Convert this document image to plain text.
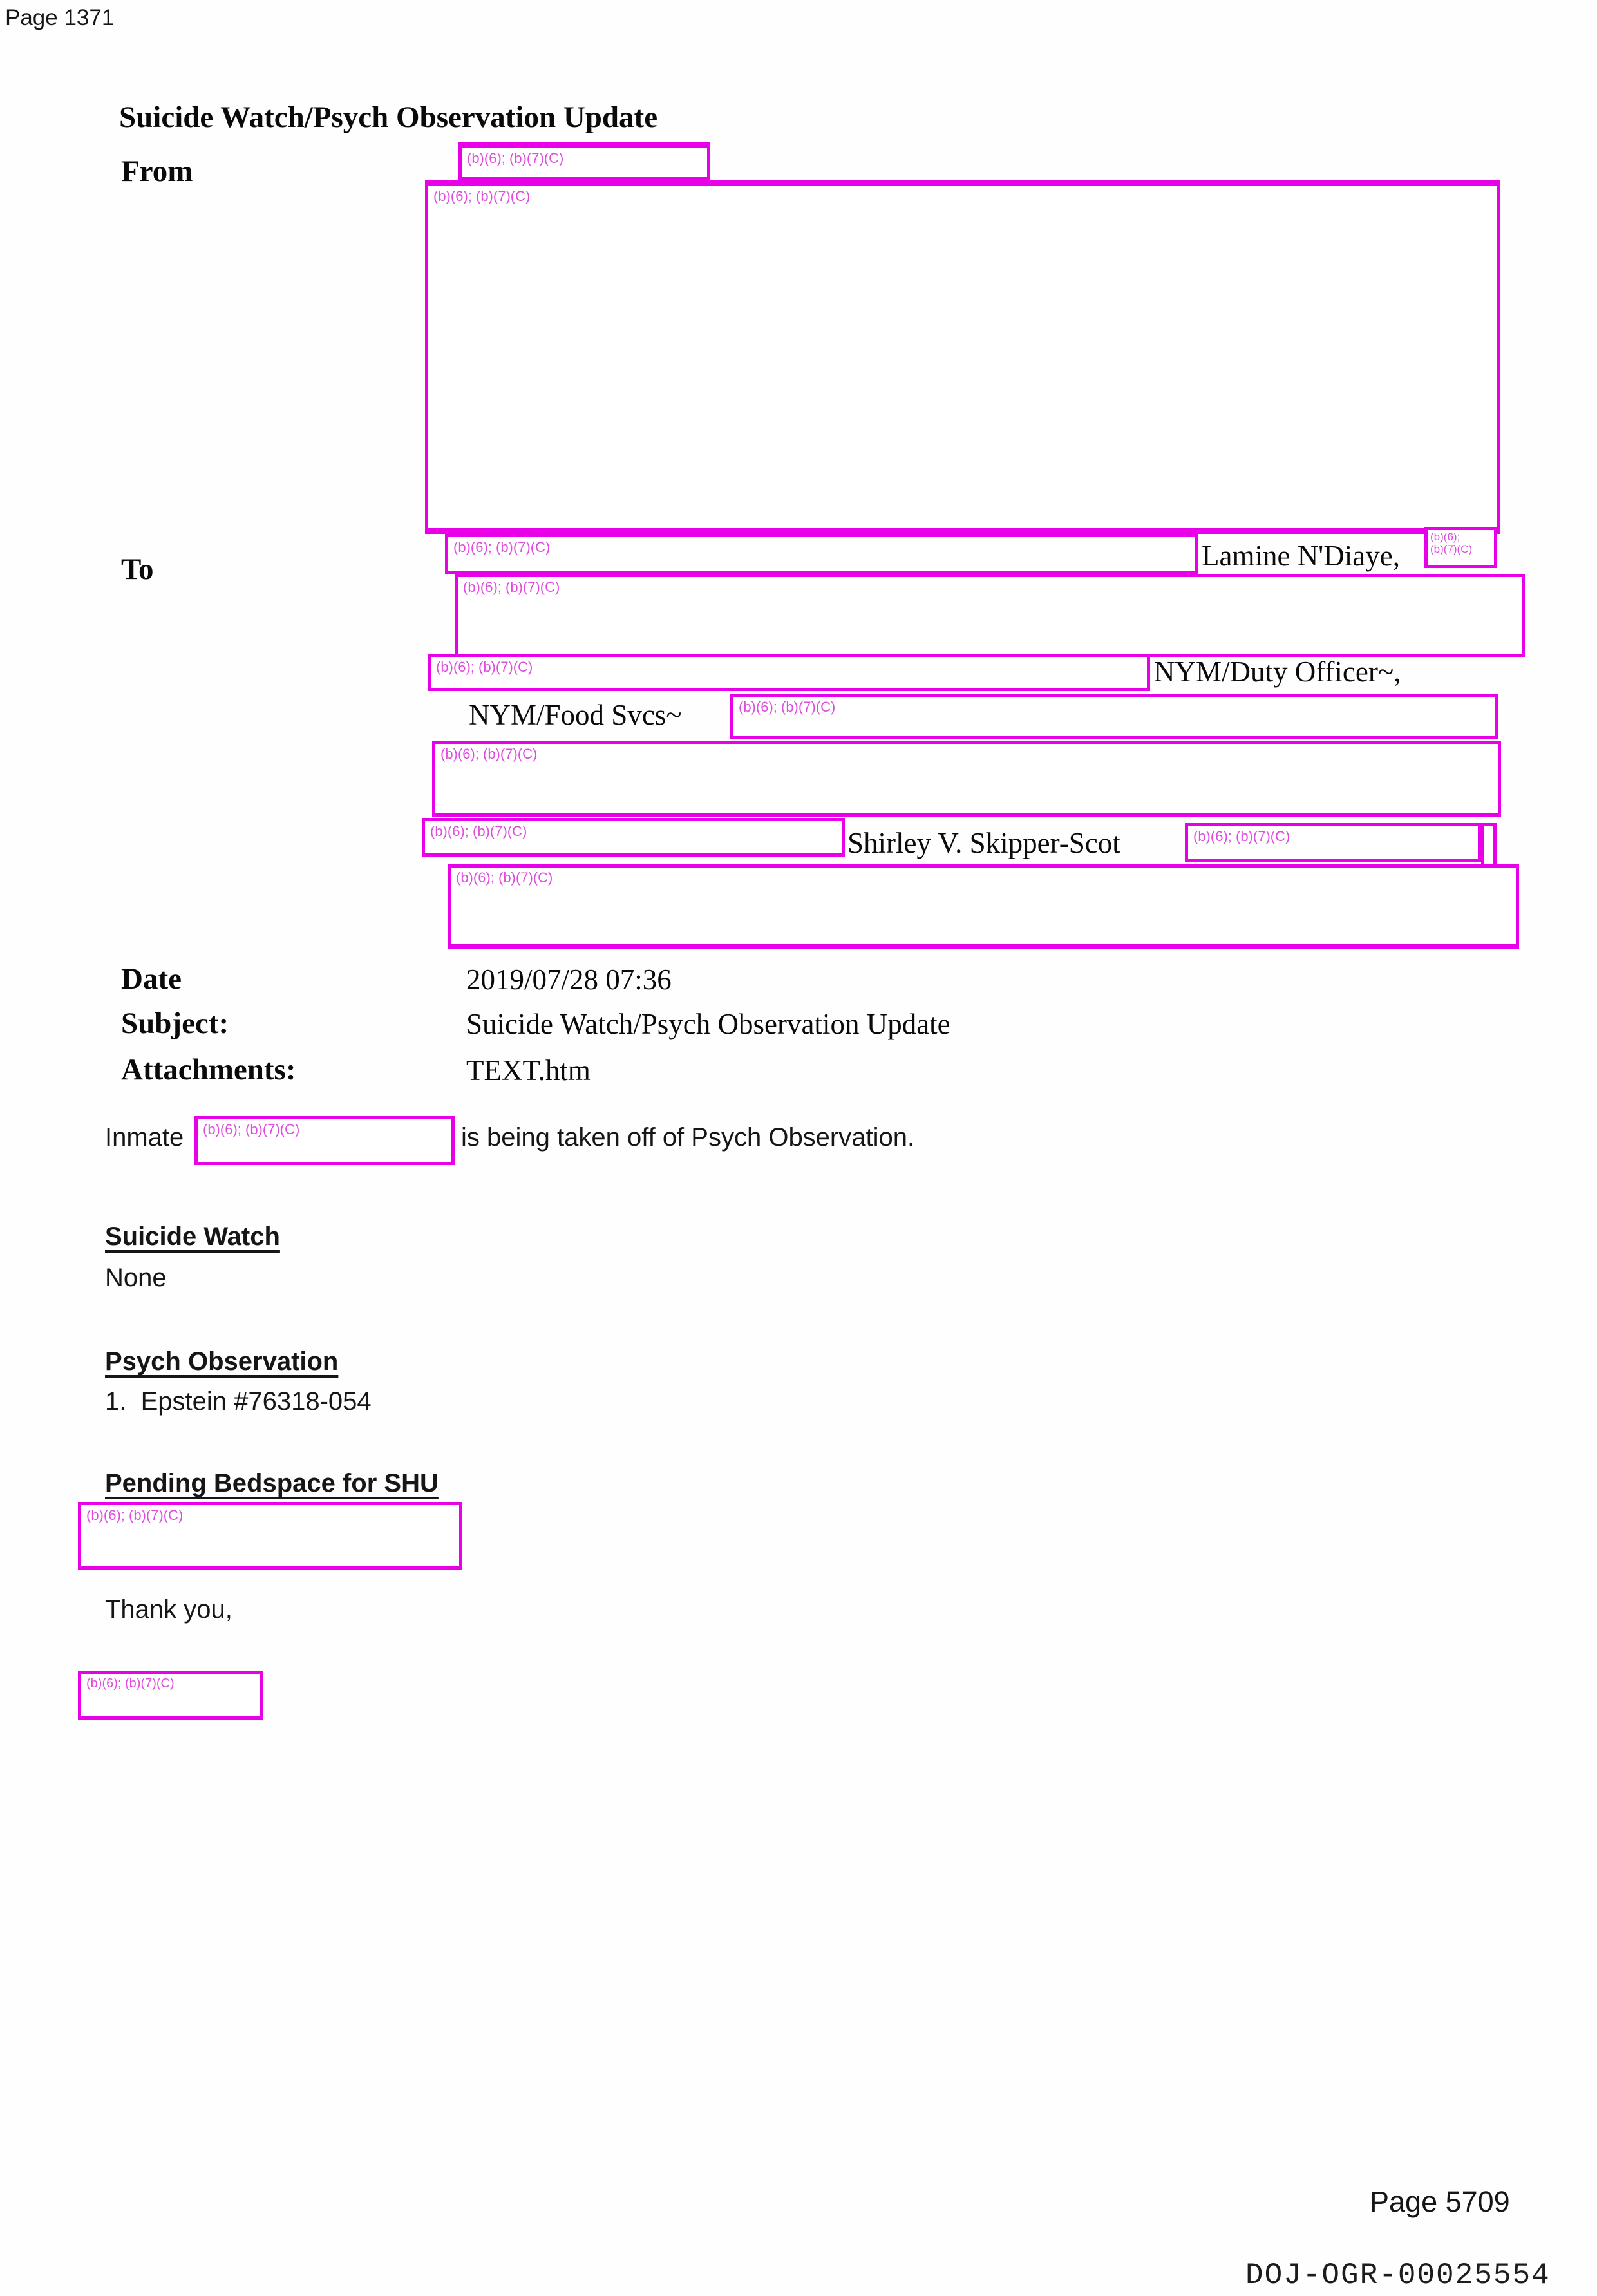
Page 1371
Suicide Watch/Psych Observation Update
From	(b)(6); (b)(7)(C)
(b)(6); (b)(7)(C)
To
(b)(6); (b)(7)(C)	Lamine N'Diaye,
(b)(6);
(b)(7)(C)
(b)(6); (b)(7)(C)
(b)(6); (b)(7)(C)	NYM/Duty Officer~,
NYM/Food Svcs~	(b)(6); (b)(7)(C)
(b)(6); (b)(7)(C)
(b)(6); (b)(7)(C)	Shirley V. Skipper-Scot	(b)(6); (b)(7)(C)
(b)(6); (b)(7)(C)
Date	2019/07/28 07:36
Subject:	Suicide Watch/Psych Observation Update
Attachments:	TEXT.htm
Inmate (b)(6); (b)(7)(C)	is being taken off of Psych Observation.
Suicide Watch
None
Psych Observation
1.  Epstein #76318-054
Pending Bedspace for SHU
(b)(6); (b)(7)(C)
Thank you,
(b)(6); (b)(7)(C)
Page 5709
DOJ-OGR-00025554
